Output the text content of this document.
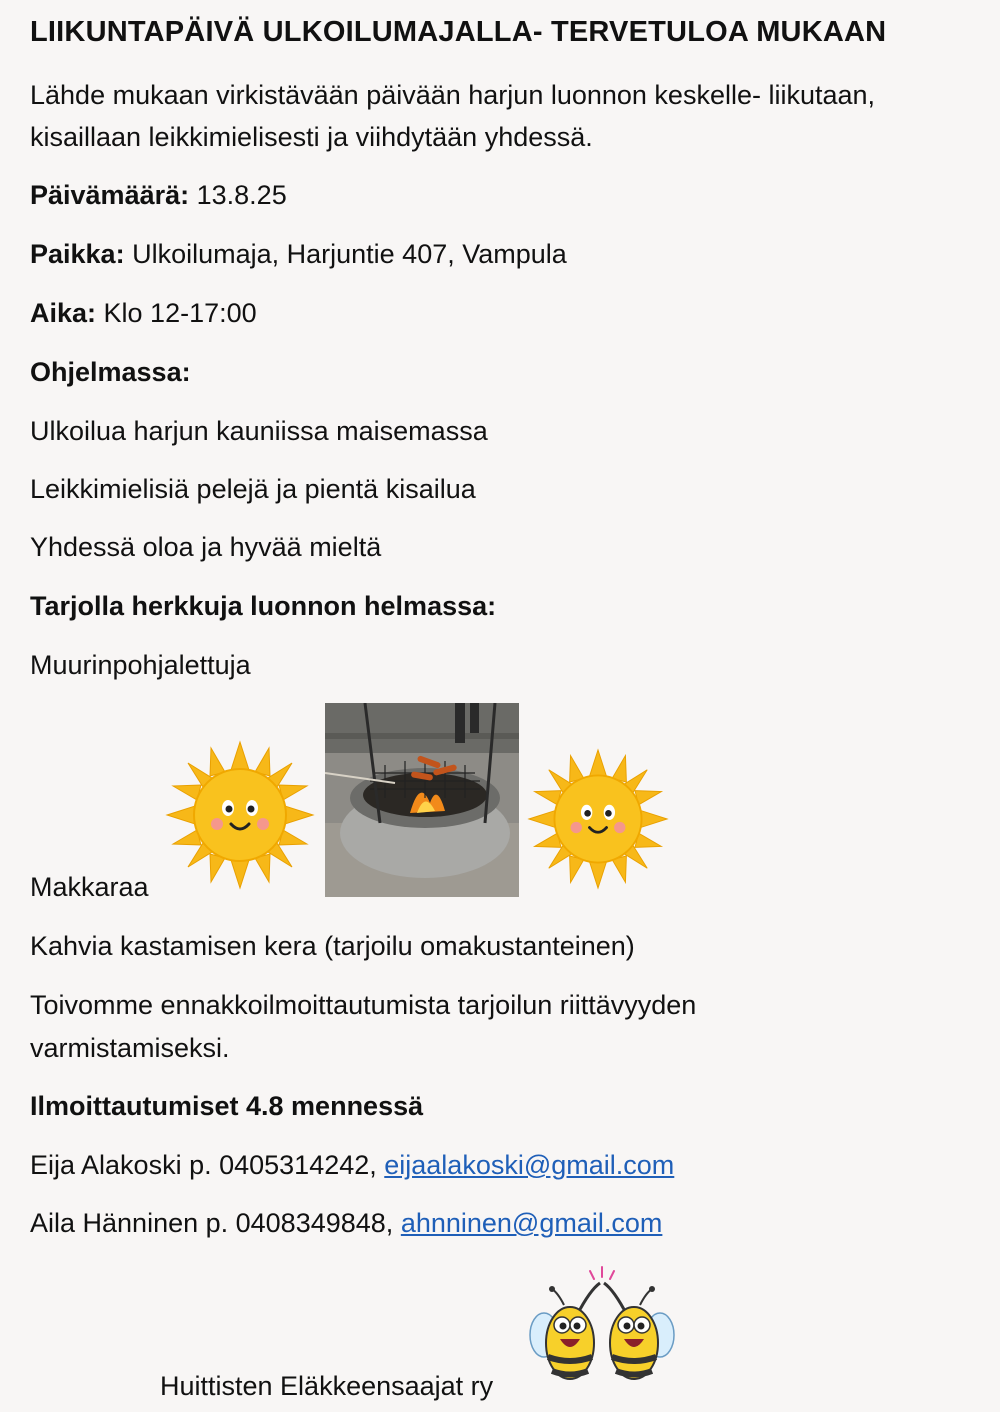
LIIKUNTAPÄIVÄ ULKOILUMAJALLA- TERVETULOA MUKAAN
Lähde mukaan virkistävään päivään harjun luonnon keskelle- liikutaan,
kisaillaan leikkimielisesti ja viihdytään yhdessä.
Päivämäärä: 13.8.25
Paikka: Ulkoilumaja, Harjuntie 407, Vampula
Aika: Klo 12-17:00
Ohjelmassa:
Ulkoilua harjun kauniissa maisemassa
Leikkimielisiä pelejä ja pientä kisailua
Yhdessä oloa ja hyvää mieltä
Tarjolla herkkuja luonnon helmassa:
Muurinpohjalettuja
Makkaraa
Kahvia kastamisen kera (tarjoilu omakustanteinen)
Toivomme ennakkoilmoittautumista tarjoilun riittävyyden
varmistamiseksi.
Ilmoittautumiset 4.8 mennessä
Eija Alakoski p. 0405314242, eijaalakoski@gmail.com
Aila Hänninen p. 0408349848, ahnninen@gmail.com
Huittisten Eläkkeensaajat ry
